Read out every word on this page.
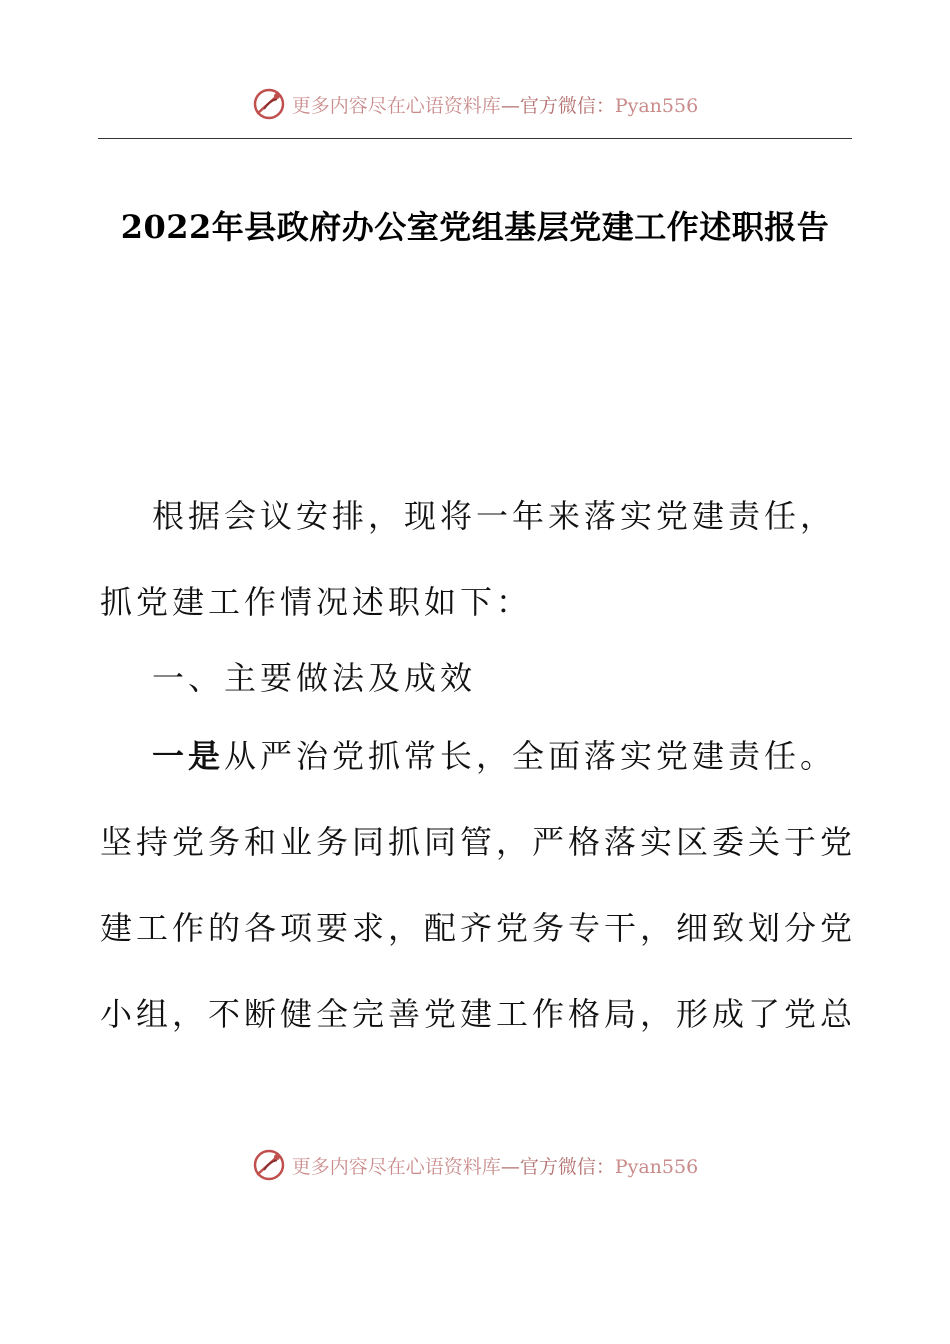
更多内容尽在心语资料库—官方微信：Pyan556
2022年县政府办公室党组基层党建工作述职报告
根据会议安排，现将一年来落实党建责任，
抓党建工作情况述职如下：
一、主要做法及成效
一是从严治党抓常长，全面落实党建责任。
坚持党务和业务同抓同管，严格落实区委关于党
建工作的各项要求，配齐党务专干，细致划分党
小组，不断健全完善党建工作格局，形成了党总
更多内容尽在心语资料库—官方微信：Pyan556
